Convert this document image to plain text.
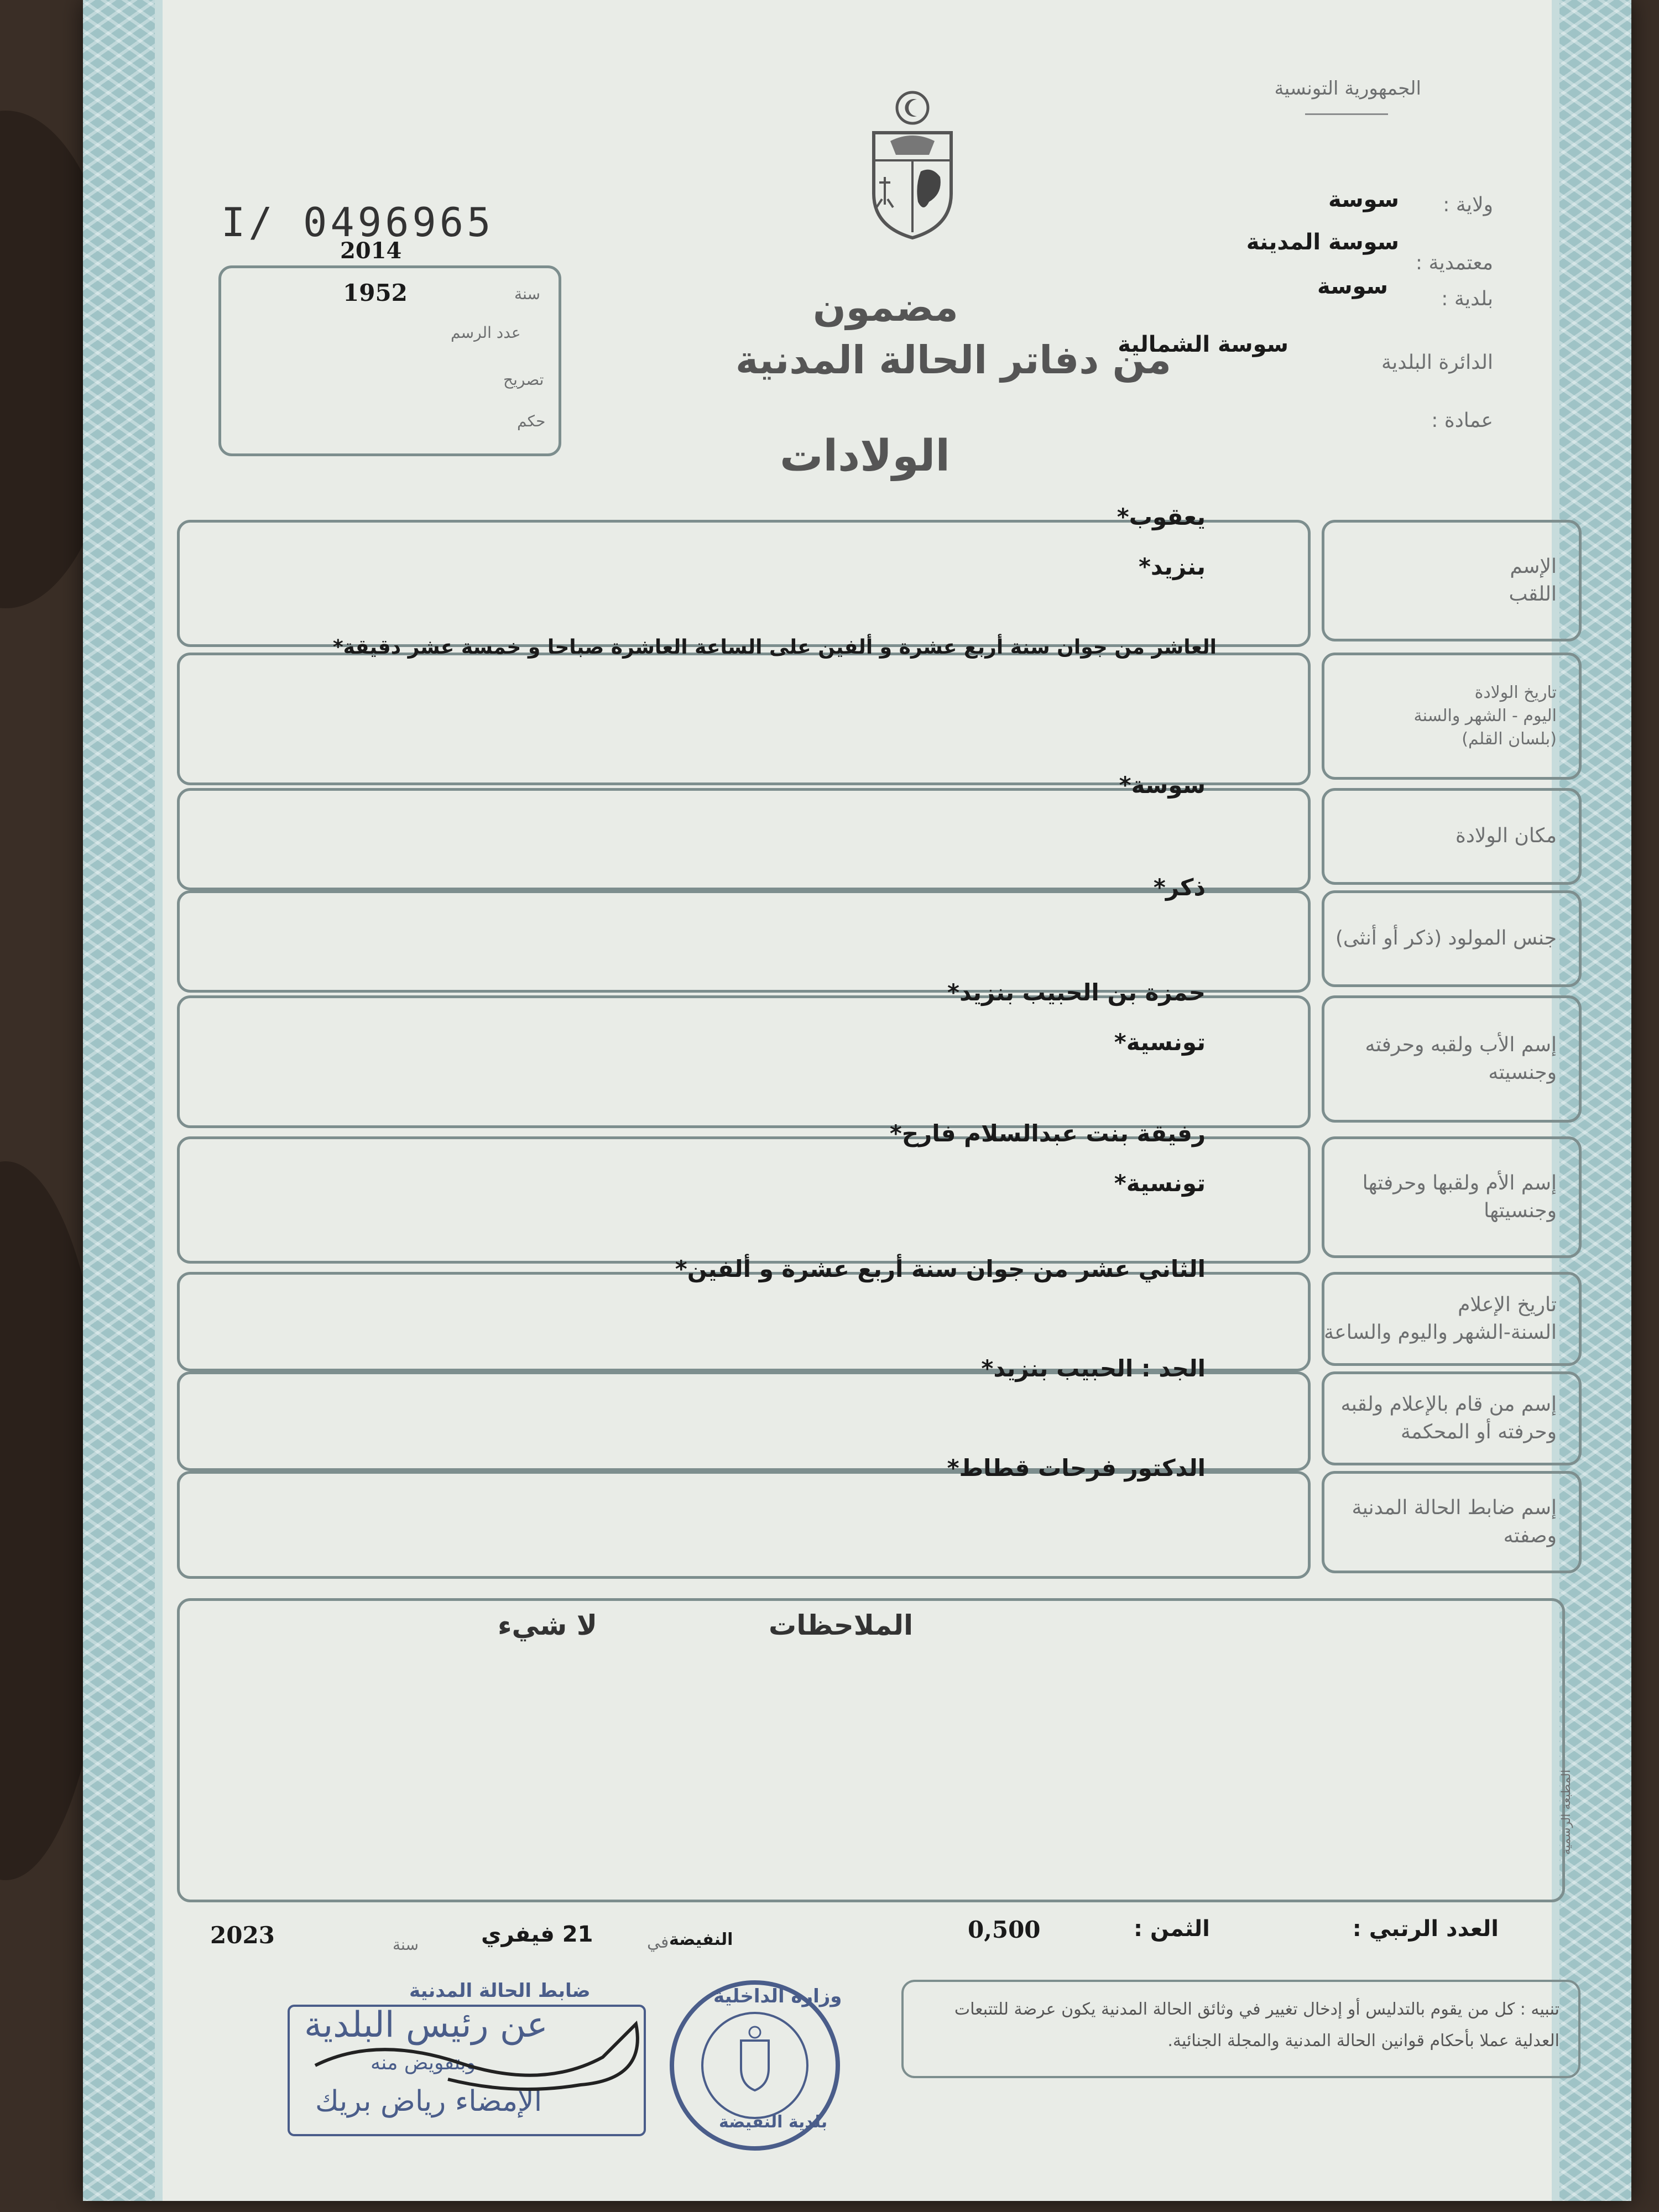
الجمهورية التونسية
I/ 0496965
2014
ولاية :
سوسة
معتمدية :
سوسة المدينة
بلدية :
سوسة
الدائرة البلدية
سوسة الشمالية
عمادة :
سنة
1952
عدد الرسم
تصريح
حكم
مضمون
من دفاتر الحالة المدنية
الولادات
الإسم
اللقب
يعقوب*
بنزيد*
تاريخ الولادة
اليوم - الشهر والسنة
(بلسان القلم)
العاشر من جوان سنة أربع عشرة و ألفين على الساعة العاشرة صباحا و خمسة عشر دقيقة*
مكان الولادة
سوسة*
جنس المولود (ذكر أو أنثى)
ذكر*
إسم الأب ولقبه وحرفته
وجنسيته
حمزة بن الحبيب بنزيد*
تونسية*
إسم الأم ولقبها وحرفتها
وجنسيتها
رفيقة بنت عبدالسلام فارح*
تونسية*
تاريخ الإعلام
السنة-الشهر واليوم والساعة
الثاني عشر من جوان سنة أربع عشرة و ألفين*
إسم من قام بالإعلام ولقبه
وحرفته أو المحكمة
الجد : الحبيب بنزيد*
إسم ضابط الحالة المدنية
وصفته
الدكتور فرحات قطاط*
الملاحظات
لا شيء
المطبعة الرسمية
العدد الرتبي :
الثمن :
0,500
النفيضة
في
21 فيفري
سنة
2023
تنبيه : كل من يقوم بالتدليس أو إدخال تغيير في وثائق الحالة المدنية يكون عرضة للتتبعات العدلية عملا بأحكام قوانين الحالة المدنية والمجلة الجنائية.
ضابط الحالة المدنية
عن رئيس البلدية
وبتفويض منه
الإمضاء رياض بريك
وزارة الداخلية
بلدية النفيضة
